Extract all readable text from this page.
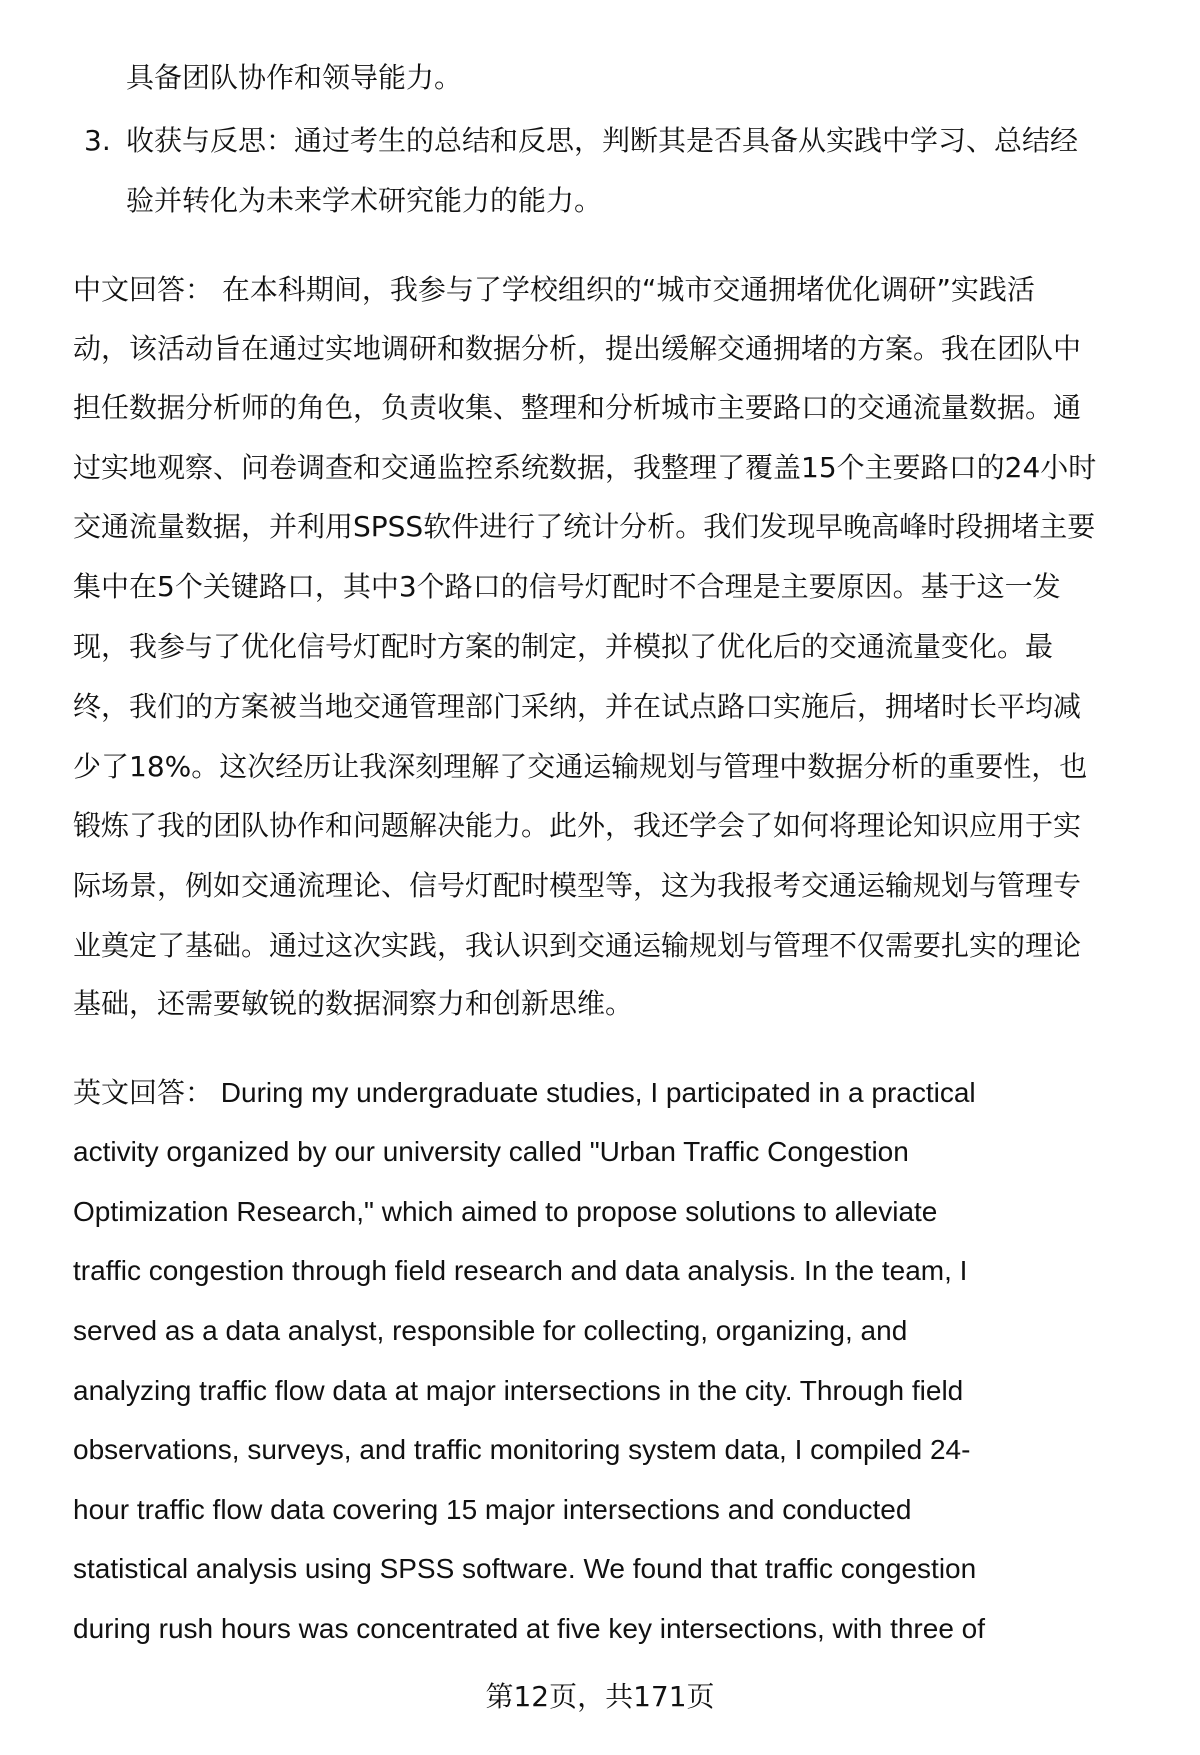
具备团队协作和领导能力。
3. 收获与反思：通过考生的总结和反思，判断其是否具备从实践中学习、总结经
验并转化为未来学术研究能力的能力。
中文回答： 在本科期间，我参与了学校组织的“城市交通拥堵优化调研”实践活
动，该活动旨在通过实地调研和数据分析，提出缓解交通拥堵的方案。我在团队中
担任数据分析师的角色，负责收集、整理和分析城市主要路口的交通流量数据。通
过实地观察、问卷调查和交通监控系统数据，我整理了覆盖15个主要路口的24小时
交通流量数据，并利用SPSS软件进行了统计分析。我们发现早晚高峰时段拥堵主要
集中在5个关键路口，其中3个路口的信号灯配时不合理是主要原因。基于这一发
现，我参与了优化信号灯配时方案的制定，并模拟了优化后的交通流量变化。最
终，我们的方案被当地交通管理部门采纳，并在试点路口实施后，拥堵时长平均减
少了18%。这次经历让我深刻理解了交通运输规划与管理中数据分析的重要性，也
锻炼了我的团队协作和问题解决能力。此外，我还学会了如何将理论知识应用于实
际场景，例如交通流理论、信号灯配时模型等，这为我报考交通运输规划与管理专
业奠定了基础。通过这次实践，我认识到交通运输规划与管理不仅需要扎实的理论
基础，还需要敏锐的数据洞察力和创新思维。
英文回答： During my undergraduate studies, I participated in a practical
activity organized by our university called "Urban Traffic Congestion
Optimization Research," which aimed to propose solutions to alleviate
traffic congestion through field research and data analysis. In the team, I
served as a data analyst, responsible for collecting, organizing, and
analyzing traffic flow data at major intersections in the city. Through field
observations, surveys, and traffic monitoring system data, I compiled 24-
hour traffic flow data covering 15 major intersections and conducted
statistical analysis using SPSS software. We found that traffic congestion
during rush hours was concentrated at five key intersections, with three of
第12页，共171页
